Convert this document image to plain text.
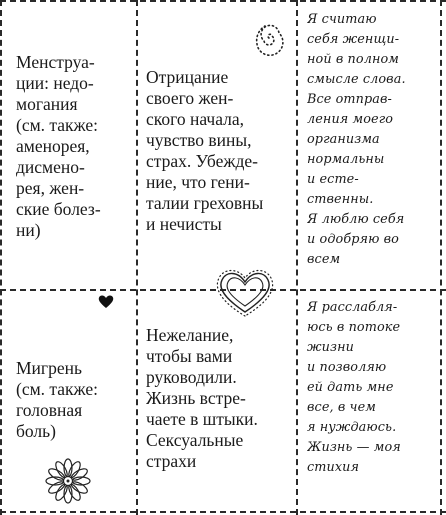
Менструа-
ции: недо-
могания
(см. также:
аменорея,
дисмено-
рея, жен-
ские болез-
ни)
Отрицание
своего жен-
ского начала,
чувство вины,
страх. Убежде-
ние, что гени-
талии греховны
и нечисты
Я считаю
себя женщи-
ной в полном
смысле слова.
Все отправ-
ления моего
организма
нормальны
и есте-
ственны.
Я люблю себя
и одобряю во
всем
Мигрень
(см. также:
головная
боль)
Нежелание,
чтобы вами
руководили.
Жизнь встре-
чаете в штыки.
Сексуальные
страхи
Я расслабля-
юсь в потоке
жизни
и позволяю
ей дать мне
все, в чем
я нуждаюсь.
Жизнь — моя
стихия
